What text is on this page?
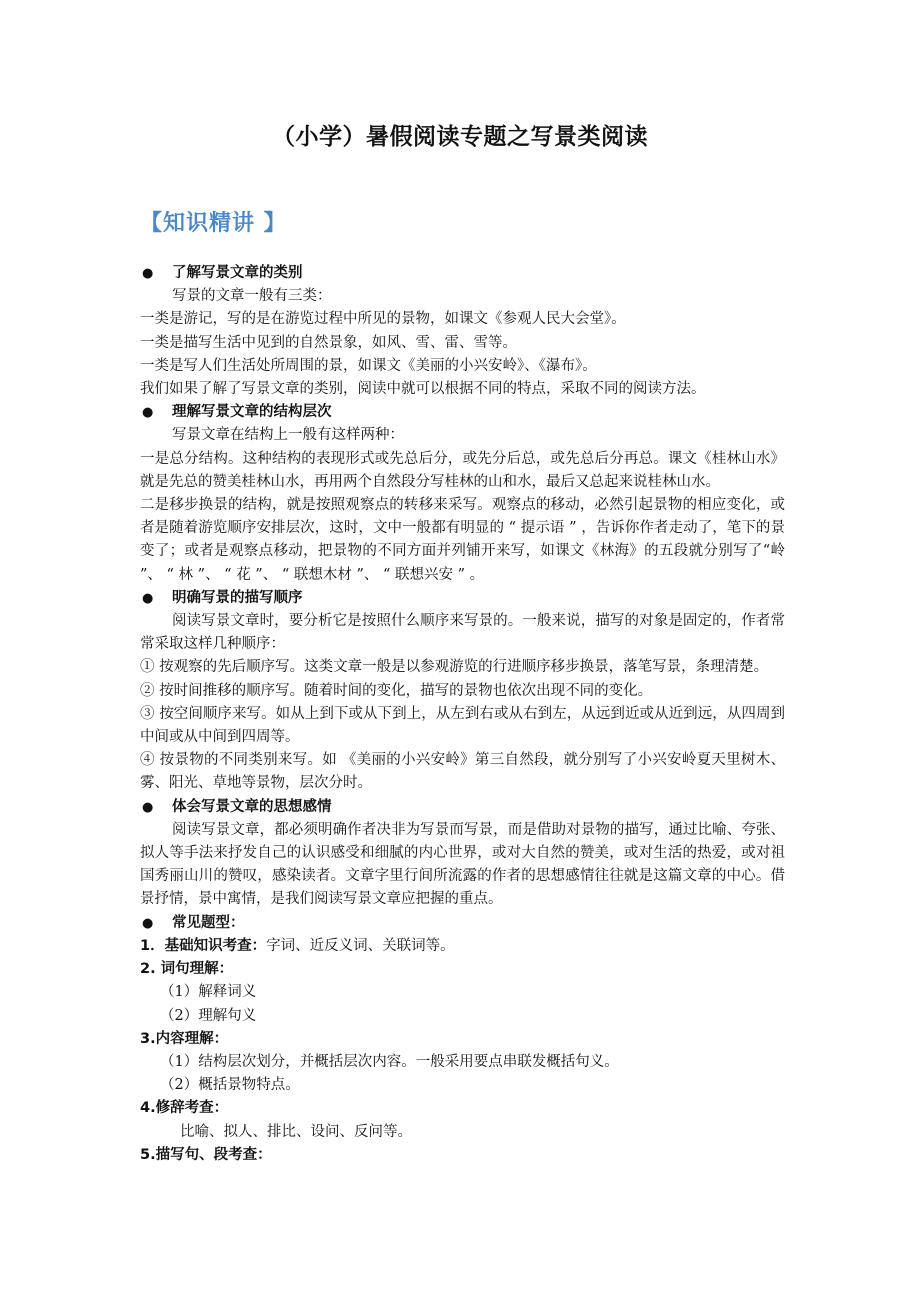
（小学）暑假阅读专题之写景类阅读
【知识精讲 】
● 了解写景文章的类别
写景的文章一般有三类：
一类是游记，写的是在游览过程中所见的景物，如课文《参观人民大会堂》。
一类是描写生活中见到的自然景象，如风、雪、雷、雪等。
一类是写人们生活处所周围的景，如课文《美丽的小兴安岭》、《瀑布》。
我们如果了解了写景文章的类别，阅读中就可以根据不同的特点，采取不同的阅读方法。
● 理解写景文章的结构层次
写景文章在结构上一般有这样两种：
一是总分结构。这种结构的表现形式或先总后分，或先分后总，或先总后分再总。课文《桂林山水》就是先总的赞美桂林山水，再用两个自然段分写桂林的山和水，最后又总起来说桂林山水。
二是移步换景的结构，就是按照观察点的转移来采写。观察点的移动，必然引起景物的相应变化，或者是随着游览顺序安排层次，这时，文中一般都有明显的 “ 提示语 ” ，告诉你作者走动了，笔下的景变了；或者是观察点移动，把景物的不同方面并列铺开来写，如课文《林海》的五段就分别写了“岭 ”、 “ 林 ”、 “ 花 ”、 “ 联想木材 ”、 “ 联想兴安 ” 。
● 明确写景的描写顺序
阅读写景文章时，要分析它是按照什么顺序来写景的。一般来说，描写的对象是固定的，作者常常采取这样几种顺序：
① 按观察的先后顺序写。这类文章一般是以参观游览的行进顺序移步换景，落笔写景，条理清楚。
② 按时间推移的顺序写。随着时间的变化，描写的景物也依次出现不同的变化。
③ 按空间顺序来写。如从上到下或从下到上，从左到右或从右到左，从远到近或从近到远，从四周到中间或从中间到四周等。
④ 按景物的不同类别来写。如 《美丽的小兴安岭》第三自然段，就分别写了小兴安岭夏天里树木、雾、阳光、草地等景物，层次分时。
● 体会写景文章的思想感情
阅读写景文章，都必须明确作者决非为写景而写景，而是借助对景物的描写，通过比喻、夸张、拟人等手法来抒发自己的认识感受和细腻的内心世界，或对大自然的赞美，或对生活的热爱，或对祖国秀丽山川的赞叹，感染读者。文章字里行间所流露的作者的思想感情往往就是这篇文章的中心。借景抒情，景中寓情，是我们阅读写景文章应把握的重点。
● 常见题型：
1．基础知识考查：字词、近反义词、关联词等。
2. 词句理解：
（1）解释词义
（2）理解句义
3.内容理解：
（1）结构层次划分，并概括层次内容。一般采用要点串联发概括句义。
（2）概括景物特点。
4.修辞考查：
比喻、拟人、排比、设问、反问等。
5.描写句、段考查：
